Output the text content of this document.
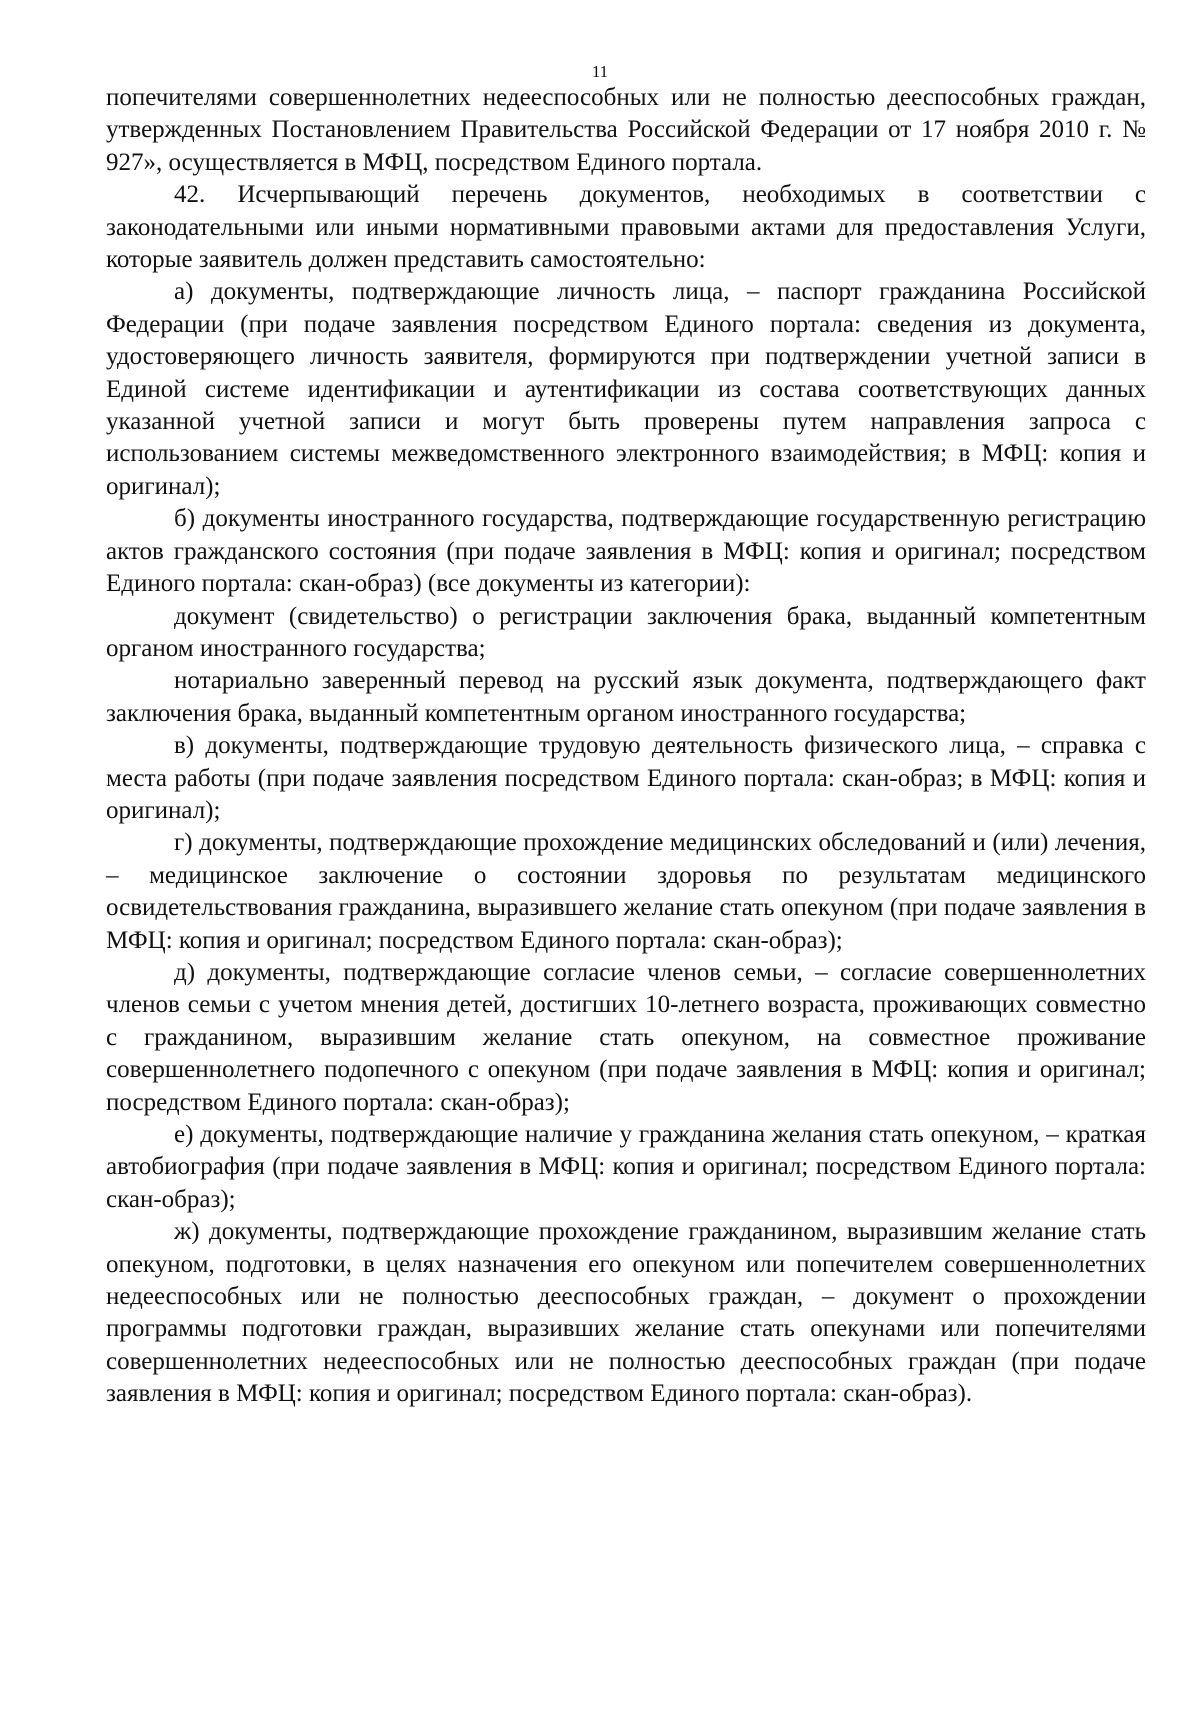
11

попечителями совершеннолетних недееспособных или не полностью дееспособных граждан, утвержденных Постановлением Правительства Российской Федерации от 17 ноября 2010 г. № 927», осуществляется в МФЦ, посредством Единого портала.

42. Исчерпывающий перечень документов, необходимых в соответствии с законодательными или иными нормативными правовыми актами для предоставления Услуги, которые заявитель должен представить самостоятельно:

а) документы, подтверждающие личность лица, – паспорт гражданина Российской Федерации (при подаче заявления посредством Единого портала: сведения из документа, удостоверяющего личность заявителя, формируются при подтверждении учетной записи в Единой системе идентификации и аутентификации из состава соответствующих данных указанной учетной записи и могут быть проверены путем направления запроса с использованием системы межведомственного электронного взаимодействия; в МФЦ: копия и оригинал);

б) документы иностранного государства, подтверждающие государственную регистрацию актов гражданского состояния (при подаче заявления в МФЦ: копия и оригинал; посредством Единого портала: скан-образ) (все документы из категории):

документ (свидетельство) о регистрации заключения брака, выданный компетентным органом иностранного государства;

нотариально заверенный перевод на русский язык документа, подтверждающего факт заключения брака, выданный компетентным органом иностранного государства;

в) документы, подтверждающие трудовую деятельность физического лица, – справка с места работы (при подаче заявления посредством Единого портала: скан-образ; в МФЦ: копия и оригинал);

г) документы, подтверждающие прохождение медицинских обследований и (или) лечения, – медицинское заключение о состоянии здоровья по результатам медицинского освидетельствования гражданина, выразившего желание стать опекуном (при подаче заявления в МФЦ: копия и оригинал; посредством Единого портала: скан-образ);

д) документы, подтверждающие согласие членов семьи, – согласие совершеннолетних членов семьи с учетом мнения детей, достигших 10-летнего возраста, проживающих совместно с гражданином, выразившим желание стать опекуном, на совместное проживание совершеннолетнего подопечного с опекуном (при подаче заявления в МФЦ: копия и оригинал; посредством Единого портала: скан-образ);

е) документы, подтверждающие наличие у гражданина желания стать опекуном, – краткая автобиография (при подаче заявления в МФЦ: копия и оригинал; посредством Единого портала: скан-образ);

ж) документы, подтверждающие прохождение гражданином, выразившим желание стать опекуном, подготовки, в целях назначения его опекуном или попечителем совершеннолетних недееспособных или не полностью дееспособных граждан, – документ о прохождении программы подготовки граждан, выразивших желание стать опекунами или попечителями совершеннолетних недееспособных или не полностью дееспособных граждан (при подаче заявления в МФЦ: копия и оригинал; посредством Единого портала: скан-образ).
